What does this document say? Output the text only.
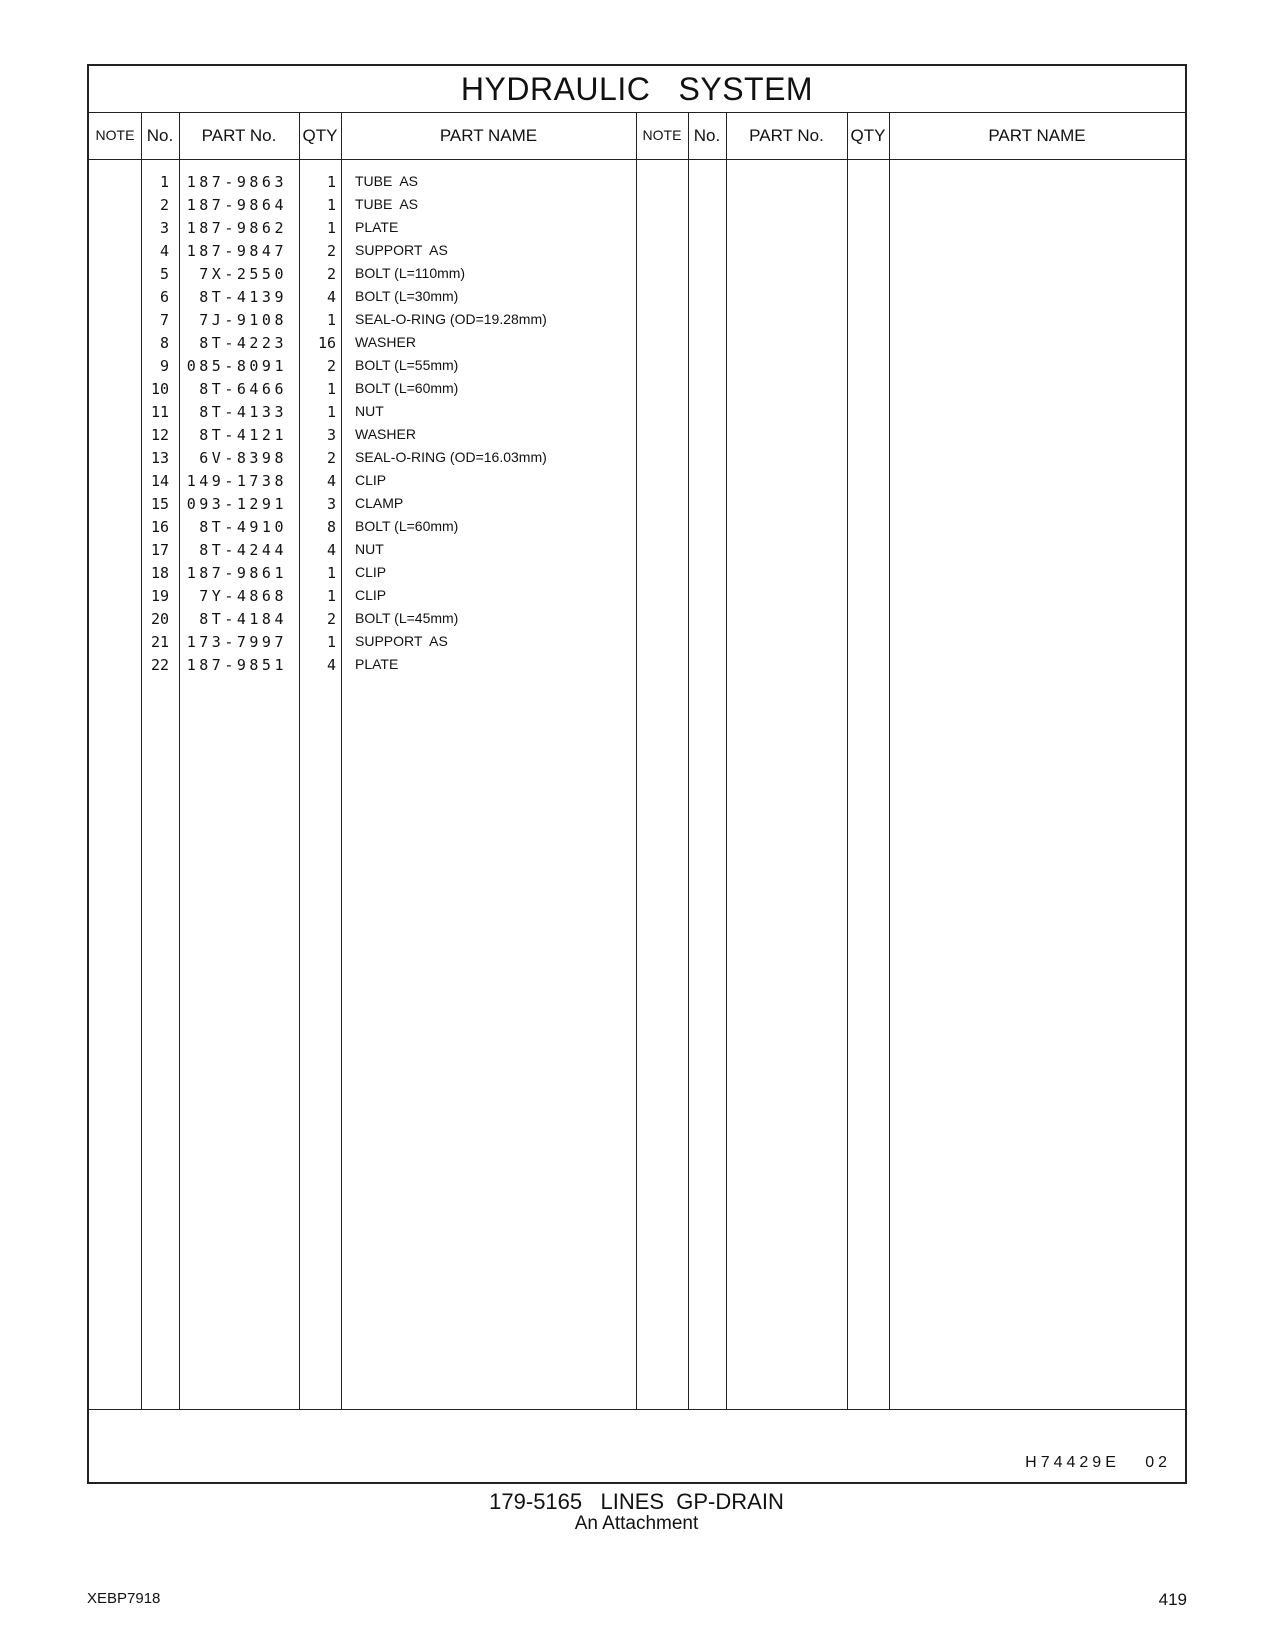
HYDRAULIC   SYSTEM
NOTE No.	PART No.	QTY	PART NAME	NOTE No.	PART No.	QTY	PART NAME
1	187-9863	1 TUBE  AS
2	187-9864	1 TUBE  AS
3	187-9862	1 PLATE
4	187-9847	2 SUPPORT  AS
5	7X-2550	2 BOLT (L=110mm)
6	8T-4139	4 BOLT (L=30mm)
7	7J-9108	1 SEAL-O-RING (OD=19.28mm)
8	8T-4223	16 WASHER
9	085-8091	2 BOLT (L=55mm)
10	8T-6466	1 BOLT (L=60mm)
11	8T-4133	1 NUT
12	8T-4121	3 WASHER
13	6V-8398	2 SEAL-O-RING (OD=16.03mm)
14	149-1738	4 CLIP
15	093-1291	3 CLAMP
16	8T-4910	8 BOLT (L=60mm)
17	8T-4244	4 NUT
18	187-9861	1 CLIP
19	7Y-4868	1 CLIP
20	8T-4184	2 BOLT (L=45mm)
21	173-7997	1 SUPPORT  AS
22	187-9851	4 PLATE
H74429E   02
179-5165   LINES  GP-DRAIN
An Attachment
XEBP7918	419
